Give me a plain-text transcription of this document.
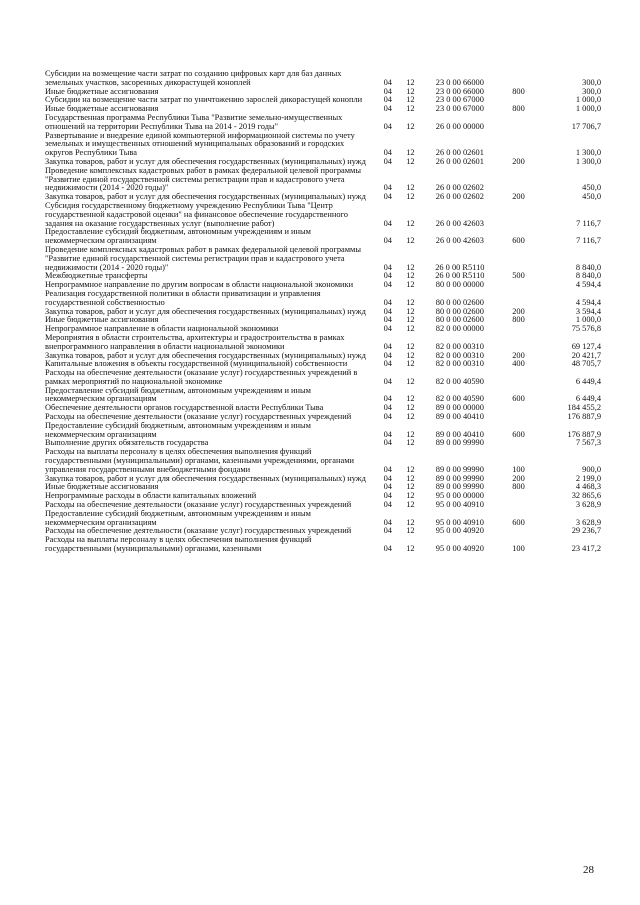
Субсидии на возмещение части затрат по созданию цифровых карт для баз данных земельных участков, засоренных дикорастущей коноплей	04	12	23 0 00 66000		300,0
Иные бюджетные ассигнования	04	12	23 0 00 66000	800	300,0
Субсидии на возмещение части затрат по уничтожению зарослей дикорастущей конопли	04	12	23 0 00 67000		1 000,0
Иные бюджетные ассигнования	04	12	23 0 00 67000	800	1 000,0
Государственная программа Республики Тыва "Развитие земельно-имущественных отношений на территории Республики Тыва на 2014 - 2019 годы"	04	12	26 0 00 00000		17 706,7
Развертывание и внедрение единой компьютерной информационной системы по учету земельных и имущественных отношений муниципальных образований и городских округов Республики Тыва	04	12	26 0 00 02601		1 300,0
Закупка товаров, работ и услуг для обеспечения государственных (муниципальных) нужд	04	12	26 0 00 02601	200	1 300,0
Проведение комплексных кадастровых работ в рамках федеральной целевой программы "Развитие единой государственной системы регистрации прав и кадастрового учета недвижимости (2014 - 2020 годы)"	04	12	26 0 00 02602		450,0
Закупка товаров, работ и услуг для обеспечения государственных (муниципальных) нужд	04	12	26 0 00 02602	200	450,0
Субсидия государственному бюджетному учреждению Республики Тыва "Центр государственной кадастровой оценки" на финансовое обеспечение государственного задания на оказание государственных услуг (выполнение работ)	04	12	26 0 00 42603		7 116,7
Предоставление субсидий бюджетным, автономным учреждениям и иным некоммерческим организациям	04	12	26 0 00 42603	600	7 116,7
Проведение комплексных кадастровых работ в рамках федеральной целевой программы "Развитие единой государственной системы регистрации прав и кадастрового учета недвижимости (2014 - 2020 годы)"	04	12	26 0 00 R5110		8 840,0
Межбюджетные трансферты	04	12	26 0 00 R5110	500	8 840,0
Непрограммное направление по другим вопросам в области национальной экономики	04	12	80 0 00 00000		4 594,4
Реализация государственной политики в области приватизации и управления государственной собственностью	04	12	80 0 00 02600		4 594,4
Закупка товаров, работ и услуг для обеспечения государственных (муниципальных) нужд	04	12	80 0 00 02600	200	3 594,4
Иные бюджетные ассигнования	04	12	80 0 00 02600	800	1 000,0
Непрограммное направление в области национальной экономики	04	12	82 0 00 00000		75 576,8
Мероприятия в области строительства, архитектуры и градостроительства в рамках внепрограммного направления в области национальной экономики	04	12	82 0 00 00310		69 127,4
Закупка товаров, работ и услуг для обеспечения государственных (муниципальных) нужд	04	12	82 0 00 00310	200	20 421,7
Капитальные вложения в объекты государственной (муниципальной) собственности	04	12	82 0 00 00310	400	48 705,7
Расходы на обеспечение деятельности (оказание услуг) государственных учреждений в рамках мероприятий по национальной экономике	04	12	82 0 00 40590		6 449,4
Предоставление субсидий бюджетным, автономным учреждениям и иным некоммерческим организациям	04	12	82 0 00 40590	600	6 449,4
Обеспечение деятельности органов государственной власти Республики Тыва	04	12	89 0 00 00000		184 455,2
Расходы на обеспечение деятельности (оказание услуг) государственных учреждений	04	12	89 0 00 40410		176 887,9
Предоставление субсидий бюджетным, автономным учреждениям и иным некоммерческим организациям	04	12	89 0 00 40410	600	176 887,9
Выполнение других обязательств государства	04	12	89 0 00 99990		7 567,3
Расходы на выплаты персоналу в целях обеспечения выполнения функций государственными (муниципальными) органами, казенными учреждениями, органами управления государственными внебюджетными фондами	04	12	89 0 00 99990	100	900,0
Закупка товаров, работ и услуг для обеспечения государственных (муниципальных) нужд	04	12	89 0 00 99990	200	2 199,0
Иные бюджетные ассигнования	04	12	89 0 00 99990	800	4 468,3
Непрограммные расходы в области капитальных вложений	04	12	95 0 00 00000		32 865,6
Расходы на обеспечение деятельности (оказание услуг) государственных учреждений	04	12	95 0 00 40910		3 628,9
Предоставление субсидий бюджетным, автономным учреждениям и иным некоммерческим организациям	04	12	95 0 00 40910	600	3 628,9
Расходы на обеспечение деятельности (оказание услуг) государственных учреждений	04	12	95 0 00 40920		29 236,7
Расходы на выплаты персоналу в целях обеспечения выполнения функций государственными (муниципальными) органами, казенными	04	12	95 0 00 40920	100	23 417,2
28
